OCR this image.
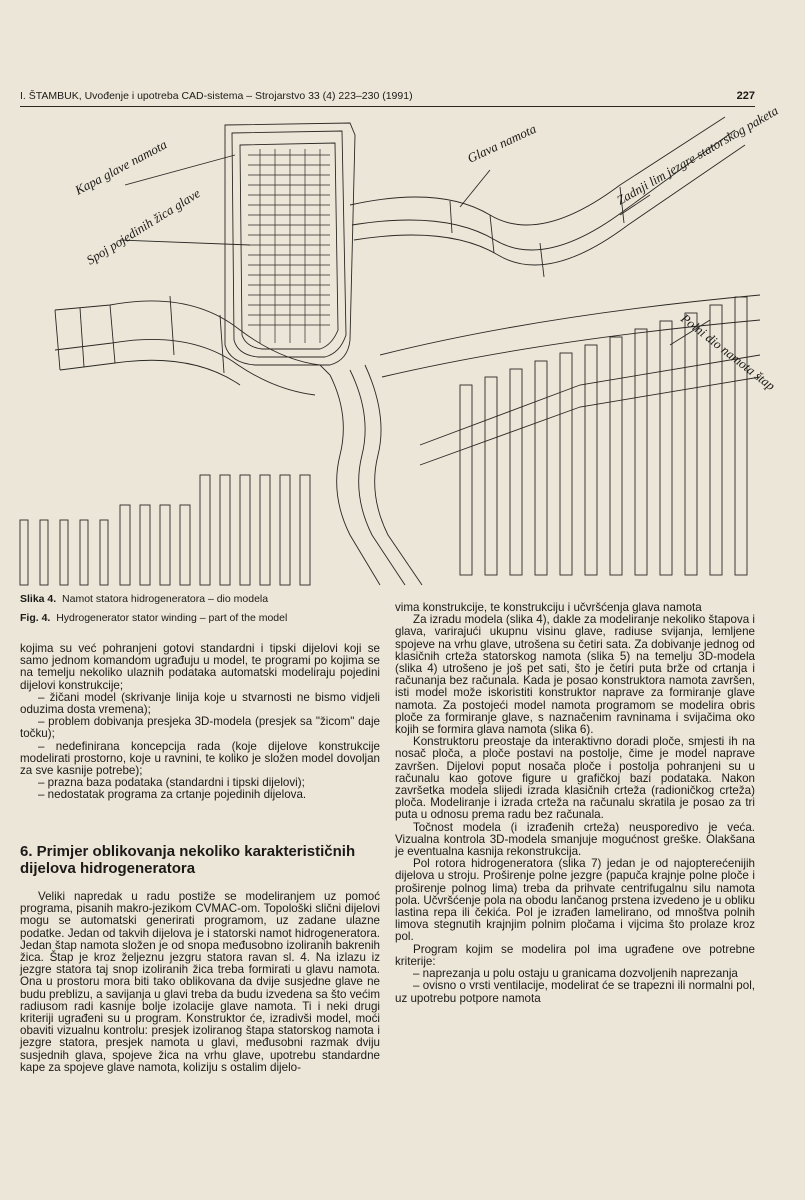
I. ŠTAMBUK, Uvođenje i upotreba CAD-sistema – Strojarstvo 33 (4) 223–230 (1991)	227
Kapa glave namota
Spoj pojedinih žica glave
Glava namota	Zadnji lim jezgre statorskog paketa
Polni dio namota štap
Slika 4. Namot statora hidrogeneratora – dio modela
Fig. 4. Hydrogenerator stator winding – part of the model

kojima su već pohranjeni gotovi standardni i tipski dijelovi koji se samo jednom komandom ugrađuju u model, te programi po kojima se na temelju nekoliko ulaznih podataka automatski modeliraju pojedini dijelovi konstrukcije;

– žičani model (skrivanje linija koje u stvarnosti ne bismo vidjeli oduzima dosta vremena);

– problem dobivanja presjeka 3D-modela (presjek sa "žicom" daje točku);

– nedefinirana koncepcija rada (koje dijelove konstrukcije modelirati prostorno, koje u ravnini, te koliko je složen model dovoljan za sve kasnije potrebe);

– prazna baza podataka (standardni i tipski dijelovi);

– nedostatak programa za crtanje pojedinih dijelova.

6. Primjer oblikovanja nekoliko karakterističnih dijelova hidrogeneratora

Veliki napredak u radu postiže se modeliranjem uz pomoć programa, pisanih makro-jezikom CVMAC-om. Topološki slični dijelovi mogu se automatski generirati programom, uz zadane ulazne podatke. Jedan od takvih dijelova je i statorski namot hidrogeneratora. Jedan štap namota složen je od snopa međusobno izoliranih bakrenih žica. Štap je kroz željeznu jezgru statora ravan sl. 4. Na izlazu iz jezgre statora taj snop izoliranih žica treba formirati u glavu namota. Ona u prostoru mora biti tako oblikovana da dvije susjedne glave ne budu preblizu, a savijanja u glavi treba da budu izvedena sa što većim radiusom radi kasnije bolje izolacije glave namota. Ti i neki drugi kriteriji ugrađeni su u program. Konstruktor će, izradivši model, moći obaviti vizualnu kontrolu: presjek izoliranog štapa statorskog namota i jezgre statora, presjek namota u glavi, međusobni razmak dviju susjednih glava, spojeve žica na vrhu glave, upotrebu standardne kape za spojeve glave namota, koliziju s ostalim dijelo-

vima konstrukcije, te konstrukciju i učvršćenja glava namota

Za izradu modela (slika 4), dakle za modeliranje nekoliko štapova i glava, varirajući ukupnu visinu glave, radiuse svijanja, lemljene spojeve na vrhu glave, utrošena su četiri sata. Za dobivanje jednog od klasičnih crteža statorskog namota (slika 5) na temelju 3D-modela (slika 4) utrošeno je još pet sati, što je četiri puta brže od crtanja i računanja bez računala. Kada je posao konstruktora namota završen, isti model može iskoristiti konstruktor naprave za formiranje glave namota. Za postojeći model namota programom se modelira obris ploče za formiranje glave, s naznačenim ravninama i svijačima oko kojih se formira glava namota (slika 6).

Konstruktoru preostaje da interaktivno doradi ploče, smjesti ih na nosač ploča, a ploče postavi na postolje, čime je model naprave završen. Dijelovi poput nosača ploče i postolja pohranjeni su u računalu kao gotove figure u grafičkoj bazi podataka. Nakon završetka modela slijedi izrada klasičnih crteža (radioničkog crteža) ploča. Modeliranje i izrada crteža na računalu skratila je posao za tri puta u odnosu prema radu bez računala.

Točnost modela (i izrađenih crteža) neusporedivo je veća. Vizualna kontrola 3D-modela smanjuje mogućnost greške. Olakšana je eventualna kasnija rekonstrukcija.

Pol rotora hidrogeneratora (slika 7) jedan je od najopterećenijih dijelova u stroju. Proširenje polne jezgre (papuča krajnje polne ploče i proširenje polnog lima) treba da prihvate centrifugalnu silu namota pola. Učvršćenje pola na obodu lančanog prstena izvedeno je u obliku lastina repa ili čekića. Pol je izrađen lamelirano, od mnoštva polnih limova stegnutih krajnjim polnim pločama i vijcima što prolaze kroz pol.

Program kojim se modelira pol ima ugrađene ove potrebne kriterije:

– naprezanja u polu ostaju u granicama dozvoljenih naprezanja

– ovisno o vrsti ventilacije, modelirat će se trapezni ili normalni pol, uz upotrebu potpore namota
